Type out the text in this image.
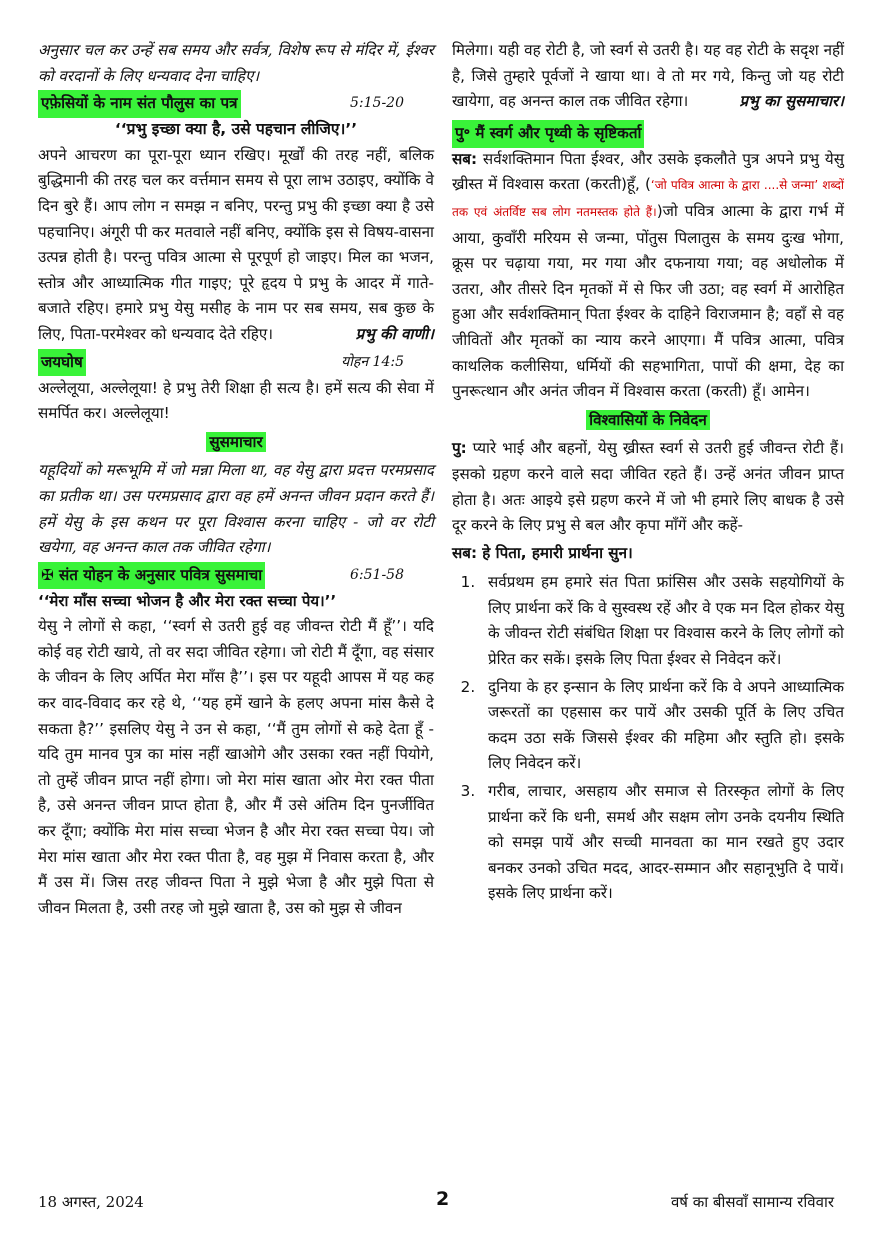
अनुसार चल कर उन्हें सब समय और सर्वत्र, विशेष रूप से मंदिर में, ईश्वर को वरदानों के लिए धन्यवाद देना चाहिए।

एफ़ेसियों के नाम संत पौलुस का पत्र	5:15-20

‘‘प्रभु इच्छा क्या है, उसे पहचान लीजिए।’’

अपने आचरण का पूरा-पूरा ध्यान रखिए। मूर्खों की तरह नहीं, बलिक बुद्धिमानी की तरह चल कर वर्त्तमान समय से पूरा लाभ उठाइए, क्योंकि वे दिन बुरे हैं। आप लोग न समझ न बनिए, परन्तु प्रभु की इच्छा क्या है उसे पहचानिए। अंगूरी पी कर मतवाले नहीं बनिए, क्योंकि इस से विषय-वासना उत्पन्न होती है। परन्तु पवित्र आत्मा से पूरपूर्ण हो जाइए। मिल का भजन, स्तोत्र और आध्यात्मिक गीत गाइए; पूरे हृदय पे प्रभु के आदर में गाते-बजाते रहिए। हमारे प्रभु येसु मसीह के नाम पर सब समय, सब कुछ के लिए, पिता-परमेश्वर को धन्यवाद देते रहिए।	प्रभु की वाणी।

जयघोष	योहन 14:5

अल्लेलूया, अल्लेलूया! हे प्रभु तेरी शिक्षा ही सत्य है। हमें सत्य की सेवा में समर्पित कर। अल्लेलूया!

सुसमाचार

यहूदियों को मरूभूमि में जो मन्ना मिला था, वह येसु द्वारा प्रदत्त परमप्रसाद का प्रतीक था। उस परमप्रसाद द्वारा वह हमें अनन्त जीवन प्रदान करते हैं। हमें येसु के इस कथन पर पूरा विश्वास करना चाहिए - जो वर रोटी खयेगा, वह अनन्त काल तक जीवित रहेगा।

✠ संत योहन के अनुसार पवित्र सुसमाचा	6:51-58

‘‘मेरा मॉंस सच्चा भोजन है और मेरा रक्त सच्चा पेय।’’

येसु ने लोगों से कहा, ‘‘स्वर्ग से उतरी हुई वह जीवन्त रोटी मैं हूँ’’। यदि कोई वह रोटी खाये, तो वर सदा जीवित रहेगा। जो रोटी मैं दूँगा, वह संसार के जीवन के लिए अर्पित मेरा मॉंस है’’। इस पर यहूदी आपस में यह कह कर वाद-विवाद कर रहे थे, ‘‘यह हमें खाने के हलए अपना मांस कैसे दे सकता है?’’ इसलिए येसु ने उन से कहा, ‘‘मैं तुम लोगों से कहे देता हूँ - यदि तुम मानव पुत्र का मांस नहीं खाओगे और उसका रक्त नहीं पियोगे, तो तुम्हें जीवन प्राप्त नहीं होगा। जो मेरा मांस खाता ओर मेरा रक्त पीता है, उसे अनन्त जीवन प्राप्त होता है, और मैं उसे अंतिम दिन पुनर्जीवित कर दूँगा; क्योंकि मेरा मांस सच्चा भेजन है और मेरा रक्त सच्चा पेय। जो मेरा मांस खाता और मेरा रक्त पीता है, वह मुझ में निवास करता है, और मैं उस में। जिस तरह जीवन्त पिता ने मुझे भेजा है और मुझे पिता से जीवन मिलता है, उसी तरह जो मुझे खाता है, उस को मुझ से जीवन

मिलेगा। यही वह रोटी है, जो स्वर्ग से उतरी है। यह वह रोटी के सदृश नहीं है, जिसे तुम्हारे पूर्वजों ने खाया था। वे तो मर गये, किन्तु जो यह रोटी खायेगा, वह अनन्त काल तक जीवित रहेगा।	प्रभु का सुसमाचार।

पु॰ मैं स्वर्ग और पृथ्वी के सृष्टिकर्ता

सब: सर्वशक्तिमान पिता ईश्वर, और उसके इकलौते पुत्र अपने प्रभु येसु ख्रीस्त में विश्वास करता (करती)हूँ, (‘जो पवित्र आत्मा के द्वारा ....से जन्मा’ शब्दों तक एवं अंतर्विष्ट सब लोग नतमस्तक होते हैं।)जो पवित्र आत्मा के द्वारा गर्भ में आया, कुवाँरी मरियम से जन्मा, पोंतुस पिलातुस के समय दुःख भोगा, क्रूस पर चढ़ाया गया, मर गया और दफनाया गया; वह अधोलोक में उतरा, और तीसरे दिन मृतकों में से फिर जी उठा; वह स्वर्ग में आरोहित हुआ और सर्वशक्तिमान् पिता ईश्वर के दाहिने विराजमान है; वहाँ से वह जीवितों और मृतकों का न्याय करने आएगा। मैं पवित्र आत्मा, पवित्र काथलिक कलीसिया, धर्मियों की सहभागिता, पापों की क्षमा, देह का पुनरूत्थान और अनंत जीवन में विश्वास करता (करती) हूँ। आमेन।

विश्वासियों के निवेदन

पु: प्यारे भाई और बहनों, येसु ख्रीस्त स्वर्ग से उतरी हुई जीवन्त रोटी हैं। इसको ग्रहण करने वाले सदा जीवित रहते हैं। उन्हें अनंत जीवन प्राप्त होता है। अतः आइये इसे ग्रहण करने में जो भी हमारे लिए बाधक है उसे दूर करने के लिए प्रभु से बल और कृपा माँगें और कहें-

सब: हे पिता, हमारी प्रार्थना सुन।

1. सर्वप्रथम हम हमारे संत पिता फ्रांसिस और उसके सहयोगियों के लिए प्रार्थना करें कि वे सुस्वस्थ रहें और वे एक मन दिल होकर येसु के जीवन्त रोटी संबंधित शिक्षा पर विश्वास करने के लिए लोगों को प्रेरित कर सकें। इसके लिए पिता ईश्वर से निवेदन करें।
2. दुनिया के हर इन्सान के लिए प्रार्थना करें कि वे अपने आध्यात्मिक जरूरतों का एहसास कर पायें और उसकी पूर्ति के लिए उचित कदम उठा सकें जिससे ईश्वर की महिमा और स्तुति हो। इसके लिए निवेदन करें।
3. गरीब, लाचार, असहाय और समाज से तिरस्कृत लोगों के लिए प्रार्थना करें कि धनी, समर्थ और सक्षम लोग उनके दयनीय स्थिति को समझ पायें और सच्ची मानवता का मान रखते हुए उदार बनकर उनको उचित मदद, आदर-सम्मान और सहानूभुति दे पायें। इसके लिए प्रार्थना करें।
18 अगस्त, 2024	2	वर्ष का बीसवाँ सामान्य रविवार
